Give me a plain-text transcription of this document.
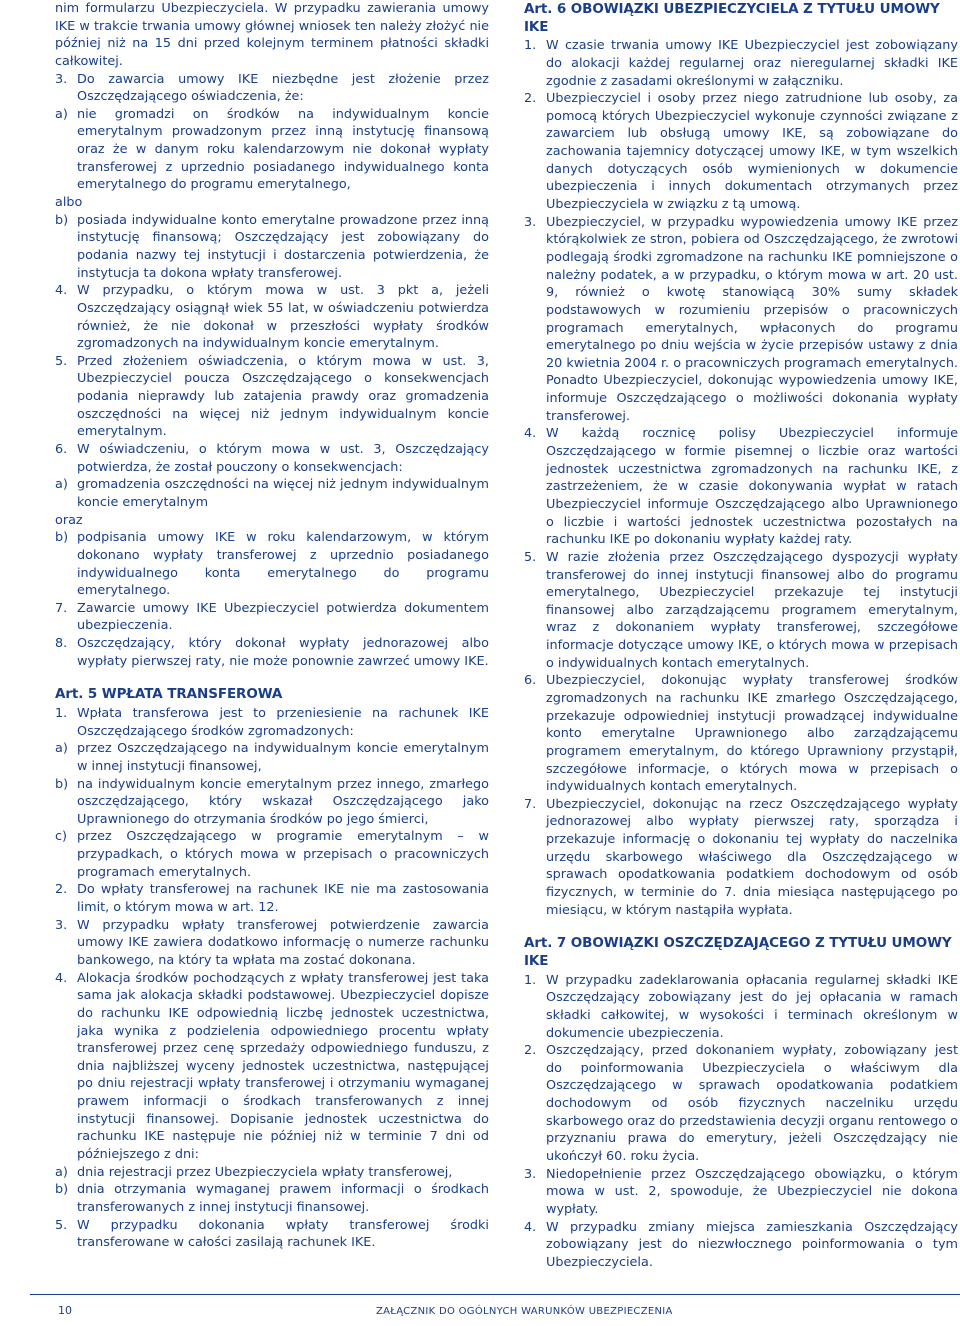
nim formularzu Ubezpieczyciela. W przypadku zawierania umowy IKE w trakcie trwania umowy głównej wniosek ten należy złożyć nie później niż na 15 dni przed kolejnym terminem płatności składki całkowitej.

3. Do zawarcia umowy IKE niezbędne jest złożenie przez Oszczędzającego oświadczenia, że:
a) nie gromadzi on środków na indywidualnym koncie emerytalnym prowadzonym przez inną instytucję finansową oraz że w danym roku kalendarzowym nie dokonał wypłaty transferowej z uprzednio posiadanego indywidualnego konta emerytalnego do programu emerytalnego,

albo

b) posiada indywidualne konto emerytalne prowadzone przez inną instytucję finansową; Oszczędzający jest zobowiązany do podania nazwy tej instytucji i dostarczenia potwierdzenia, że instytucja ta dokona wpłaty transferowej.
4. W przypadku, o którym mowa w ust. 3 pkt a, jeżeli Oszczędzający osiągnął wiek 55 lat, w oświadczeniu potwierdza również, że nie dokonał w przeszłości wypłaty środków zgromadzonych na indywidualnym koncie emerytalnym.
5. Przed złożeniem oświadczenia, o którym mowa w ust. 3, Ubezpieczyciel poucza Oszczędzającego o konsekwencjach podania nieprawdy lub zatajenia prawdy oraz gromadzenia oszczędności na więcej niż jednym indywidualnym koncie emerytalnym.
6. W oświadczeniu, o którym mowa w ust. 3, Oszczędzający potwierdza, że został pouczony o konsekwencjach:
a) gromadzenia oszczędności na więcej niż jednym indywidualnym koncie emerytalnym

oraz

b) podpisania umowy IKE w roku kalendarzowym, w którym dokonano wypłaty transferowej z uprzednio posiadanego indywidualnego konta emerytalnego do programu emerytalnego.
7. Zawarcie umowy IKE Ubezpieczyciel potwierdza dokumentem ubezpieczenia.
8. Oszczędzający, który dokonał wypłaty jednorazowej albo wypłaty pierwszej raty, nie może ponownie zawrzeć umowy IKE.
Art. 5 WPŁATA TRANSFEROWA
1. Wpłata transferowa jest to przeniesienie na rachunek IKE Oszczędzającego środków zgromadzonych:
a) przez Oszczędzającego na indywidualnym koncie emerytalnym w innej instytucji finansowej,
b) na indywidualnym koncie emerytalnym przez innego, zmarłego oszczędzającego, który wskazał Oszczędzającego jako Uprawnionego do otrzymania środków po jego śmierci,
c) przez Oszczędzającego w programie emerytalnym – w przypadkach, o których mowa w przepisach o pracowniczych programach emerytalnych.
2. Do wpłaty transferowej na rachunek IKE nie ma zastosowania limit, o którym mowa w art. 12.
3. W przypadku wpłaty transferowej potwierdzenie zawarcia umowy IKE zawiera dodatkowo informację o numerze rachunku bankowego, na który ta wpłata ma zostać dokonana.
4. Alokacja środków pochodzących z wpłaty transferowej jest taka sama jak alokacja składki podstawowej. Ubezpieczyciel dopisze do rachunku IKE odpowiednią liczbę jednostek uczestnictwa, jaka wynika z podzielenia odpowiedniego procentu wpłaty transferowej przez cenę sprzedaży odpowiedniego funduszu, z dnia najbliższej wyceny jednostek uczestnictwa, następującej po dniu rejestracji wpłaty transferowej i otrzymaniu wymaganej prawem informacji o środkach transferowanych z innej instytucji finansowej. Dopisanie jednostek uczestnictwa do rachunku IKE następuje nie później niż w terminie 7 dni od późniejszego z dni:
a) dnia rejestracji przez Ubezpieczyciela wpłaty transferowej,
b) dnia otrzymania wymaganej prawem informacji o środkach transferowanych z innej instytucji finansowej.
5. W przypadku dokonania wpłaty transferowej środki transferowane w całości zasilają rachunek IKE.
Art. 6 OBOWIĄZKI UBEZPIECZYCIELA Z TYTUŁU UMOWY IKE
1. W czasie trwania umowy IKE Ubezpieczyciel jest zobowiązany do alokacji każdej regularnej oraz nieregularnej składki IKE zgodnie z zasadami określonymi w załączniku.
2. Ubezpieczyciel i osoby przez niego zatrudnione lub osoby, za pomocą których Ubezpieczyciel wykonuje czynności związane z zawarciem lub obsługą umowy IKE, są zobowiązane do zachowania tajemnicy dotyczącej umowy IKE, w tym wszelkich danych dotyczących osób wymienionych w dokumencie ubezpieczenia i innych dokumentach otrzymanych przez Ubezpieczyciela w związku z tą umową.
3. Ubezpieczyciel, w przypadku wypowiedzenia umowy IKE przez którąkolwiek ze stron, pobiera od Oszczędzającego, że zwrotowi podlegają środki zgromadzone na rachunku IKE pomniejszone o należny podatek, a w przypadku, o którym mowa w art. 20 ust. 9, również o kwotę stanowiącą 30% sumy składek podstawowych w rozumieniu przepisów o pracowniczych programach emerytalnych, wpłaconych do programu emerytalnego po dniu wejścia w życie przepisów ustawy z dnia 20 kwietnia 2004 r. o pracowniczych programach emerytalnych. Ponadto Ubezpieczyciel, dokonując wypowiedzenia umowy IKE, informuje Oszczędzającego o możliwości dokonania wypłaty transferowej.
4. W każdą rocznicę polisy Ubezpieczyciel informuje Oszczędzającego w formie pisemnej o liczbie oraz wartości jednostek uczestnictwa zgromadzonych na rachunku IKE, z zastrzeżeniem, że w czasie dokonywania wypłat w ratach Ubezpieczyciel informuje Oszczędzającego albo Uprawnionego o liczbie i wartości jednostek uczestnictwa pozostałych na rachunku IKE po dokonaniu wypłaty każdej raty.
5. W razie złożenia przez Oszczędzającego dyspozycji wypłaty transferowej do innej instytucji finansowej albo do programu emerytalnego, Ubezpieczyciel przekazuje tej instytucji finansowej albo zarządzającemu programem emerytalnym, wraz z dokonaniem wypłaty transferowej, szczegółowe informacje dotyczące umowy IKE, o których mowa w przepisach o indywidualnych kontach emerytalnych.
6. Ubezpieczyciel, dokonując wypłaty transferowej środków zgromadzonych na rachunku IKE zmarłego Oszczędzającego, przekazuje odpowiedniej instytucji prowadzącej indywidualne konto emerytalne Uprawnionego albo zarządzającemu programem emerytalnym, do którego Uprawniony przystąpił, szczegółowe informacje, o których mowa w przepisach o indywidualnych kontach emerytalnych.
7. Ubezpieczyciel, dokonując na rzecz Oszczędzającego wypłaty jednorazowej albo wypłaty pierwszej raty, sporządza i przekazuje informację o dokonaniu tej wypłaty do naczelnika urzędu skarbowego właściwego dla Oszczędzającego w sprawach opodatkowania podatkiem dochodowym od osób fizycznych, w terminie do 7. dnia miesiąca następującego po miesiącu, w którym nastąpiła wypłata.
Art. 7 OBOWIĄZKI OSZCZĘDZAJĄCEGO Z TYTUŁU UMOWY IKE
1. W przypadku zadeklarowania opłacania regularnej składki IKE Oszczędzający zobowiązany jest do jej opłacania w ramach składki całkowitej, w wysokości i terminach określonym w dokumencie ubezpieczenia.
2. Oszczędzający, przed dokonaniem wypłaty, zobowiązany jest do poinformowania Ubezpieczyciela o właściwym dla Oszczędzającego w sprawach opodatkowania podatkiem dochodowym od osób fizycznych naczelniku urzędu skarbowego oraz do przedstawienia decyzji organu rentowego o przyznaniu prawa do emerytury, jeżeli Oszczędzający nie ukończył 60. roku życia.
3. Niedopełnienie przez Oszczędzającego obowiązku, o którym mowa w ust. 2, spowoduje, że Ubezpieczyciel nie dokona wypłaty.
4. W przypadku zmiany miejsca zamieszkania Oszczędzający zobowiązany jest do niezwłocznego poinformowania o tym Ubezpieczyciela.
10	ZAŁĄCZNIK DO OGÓLNYCH WARUNKÓW UBEZPIECZENIA
